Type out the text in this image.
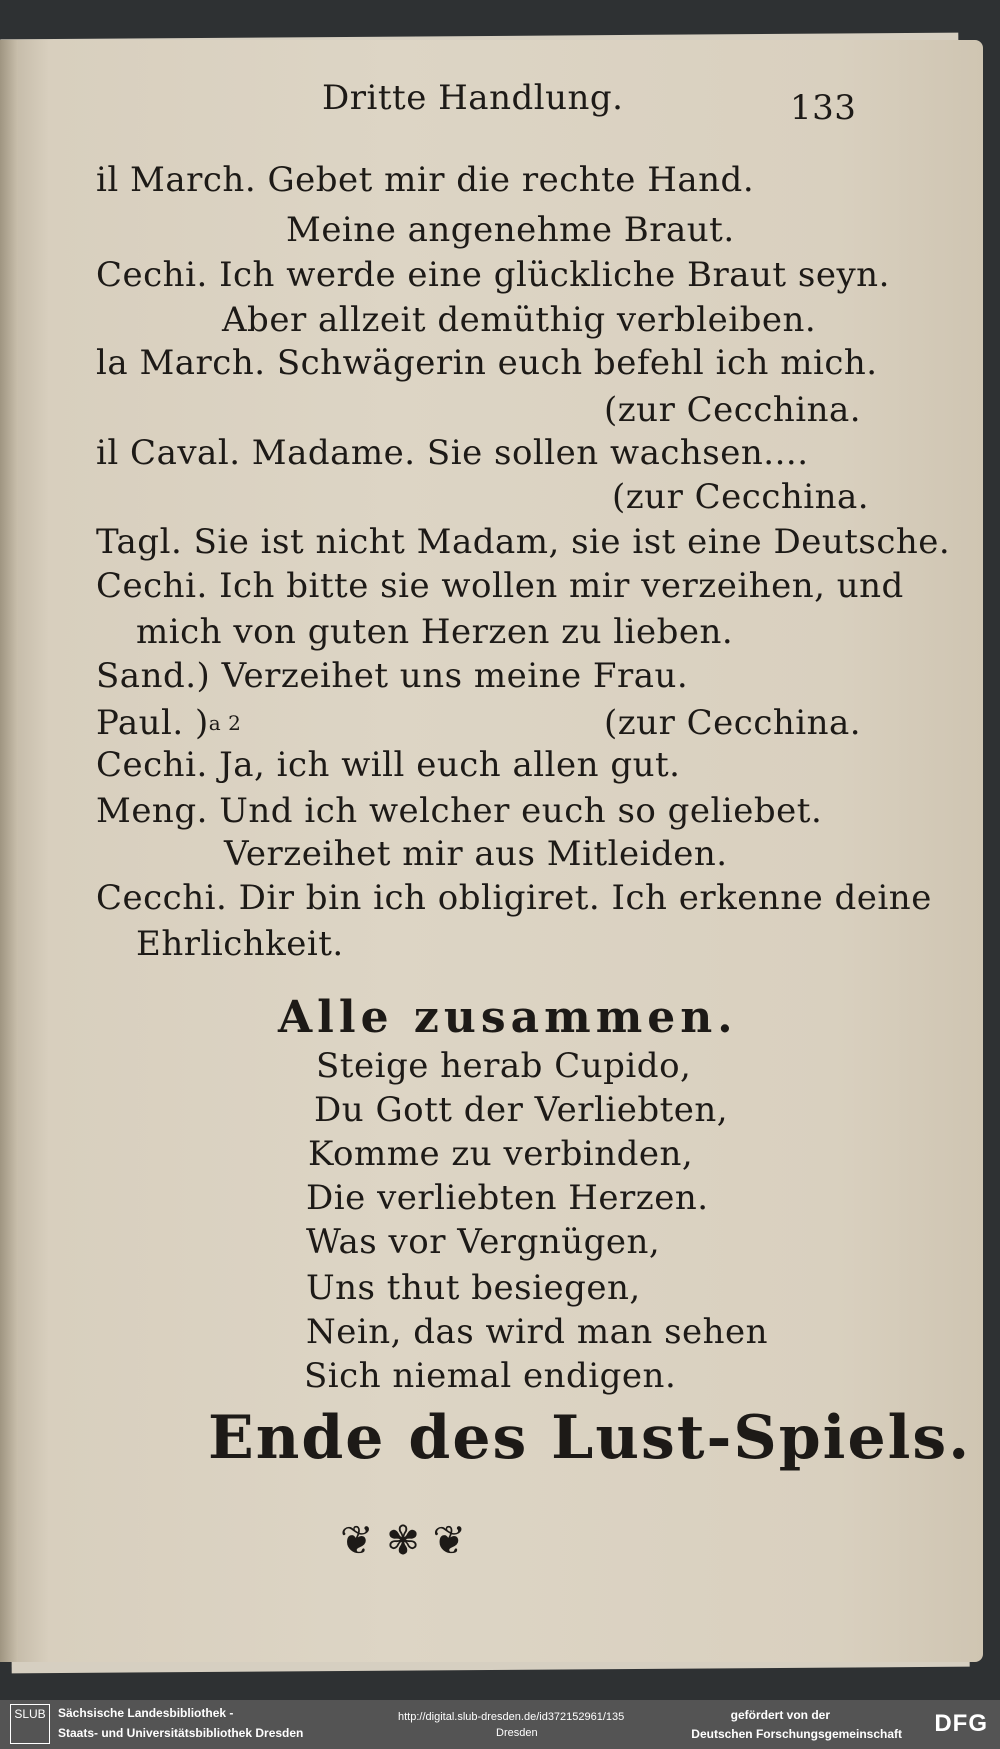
Dritte Handlung.	133
il March. Gebet mir die rechte Hand.
Meine angenehme Braut.
Cechi. Ich werde eine glückliche Braut seyn.
Aber allzeit demüthig verbleiben.
la March. Schwägerin euch befehl ich mich.
(zur Cecchina.
il Caval. Madame. Sie sollen wachsen....
(zur Cecchina.
Tagl. Sie ist nicht Madam, sie ist eine Deutsche.
Cechi. Ich bitte sie wollen mir verzeihen, und
mich von guten Herzen zu lieben.
Sand.) Verzeihet uns meine Frau.
Paul. )$^{a 2}$	(zur Cecchina.
Cechi. Ja, ich will euch allen gut.
Meng. Und ich welcher euch so geliebet.
Verzeihet mir aus Mitleiden.
Cecchi. Dir bin ich obligiret. Ich erkenne deine
Ehrlichkeit.
Alle zusammen.
Steige herab Cupido,
Du Gott der Verliebten,
Komme zu verbinden,
Die verliebten Herzen.
Was vor Vergnügen,
Uns thut besiegen,
Nein, das wird man sehen
Sich niemal endigen.
Ende des Lust-Spiels.
❦ ✾ ❦
SLUB	Sächsische Landesbibliothek -
Staats- und Universitätsbibliothek Dresden
http://digital.slub-dresden.de/id372152961/135
Dresden
gefördert von der
Deutschen Forschungsgemeinschaft DFG
